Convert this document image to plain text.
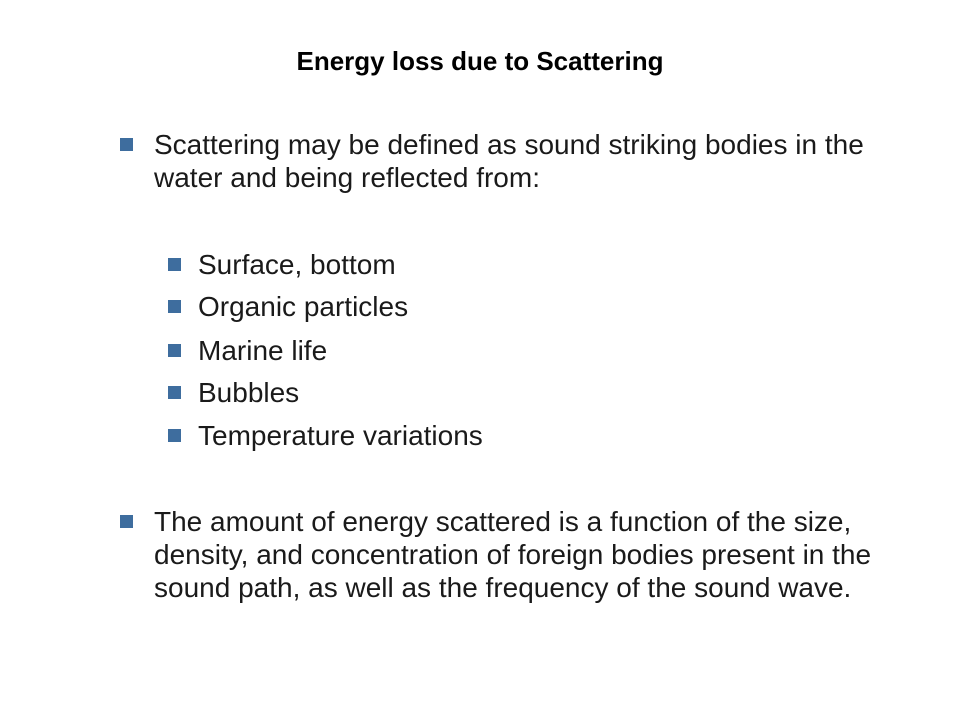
Energy loss due to Scattering
Scattering may be defined as sound striking bodies in the water and being reflected from:
Surface, bottom
Organic particles
Marine life
Bubbles
Temperature variations
The amount of energy scattered is a function of the size, density, and concentration of foreign bodies present in the sound path, as well as the frequency of the sound wave.
